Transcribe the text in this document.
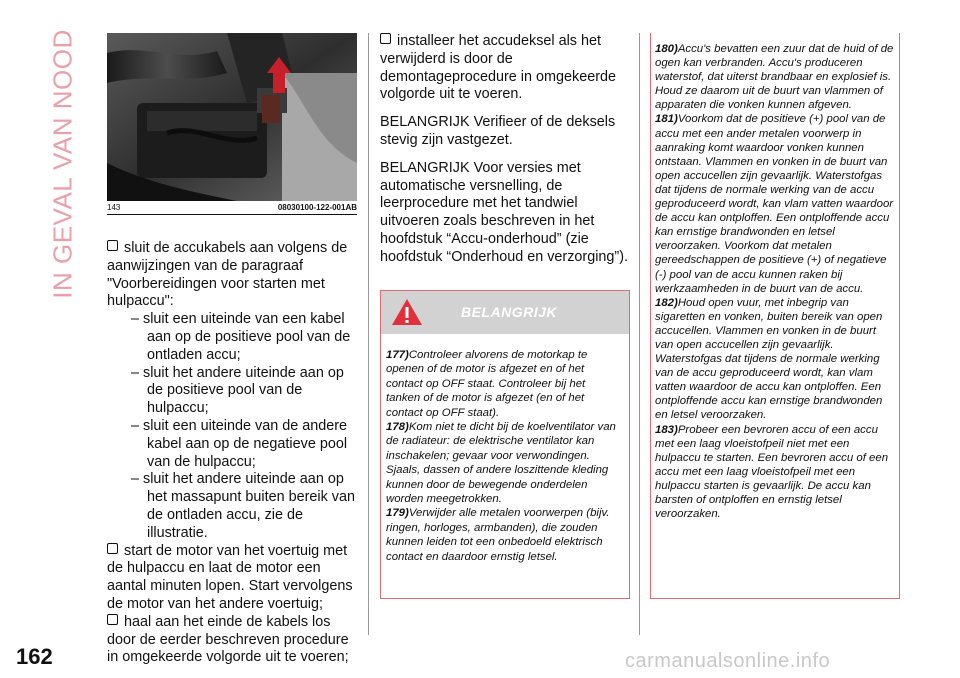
IN GEVAL VAN NOOD	143	08030100-122-001AB

sluit de accukabels aan volgens de aanwijzingen van de paragraaf "Voorbereidingen voor starten met hulpaccu":

– sluit een uiteinde van een kabel aan op de positieve pool van de ontladen accu;

– sluit het andere uiteinde aan op de positieve pool van de hulpaccu;

– sluit een uiteinde van de andere kabel aan op de negatieve pool van de hulpaccu;

– sluit het andere uiteinde aan op het massapunt buiten bereik van de ontladen accu, zie de illustratie.

start de motor van het voertuig met de hulpaccu en laat de motor een aantal minuten lopen. Start vervolgens de motor van het andere voertuig;

haal aan het einde de kabels los door de eerder beschreven procedure in omgekeerde volgorde uit te voeren;

installeer het accudeksel als het verwijderd is door de demontageprocedure in omgekeerde volgorde uit te voeren.

BELANGRIJK Verifieer of de deksels stevig zijn vastgezet.

BELANGRIJK Voor versies met automatische versnelling, de leerprocedure met het tandwiel uitvoeren zoals beschreven in het hoofdstuk “Accu-onderhoud” (zie hoofdstuk “Onderhoud en verzorging”).

BELANGRIJK

177)Controleer alvorens de motorkap te openen of de motor is afgezet en of het contact op OFF staat. Controleer bij het tanken of de motor is afgezet (en of het contact op OFF staat).

178)Kom niet te dicht bij de koelventilator van de radiateur: de elektrische ventilator kan inschakelen; gevaar voor verwondingen. Sjaals, dassen of andere loszittende kleding kunnen door de bewegende onderdelen worden meegetrokken.

179)Verwijder alle metalen voorwerpen (bijv. ringen, horloges, armbanden), die zouden kunnen leiden tot een onbedoeld elektrisch contact en daardoor ernstig letsel.

180)Accu's bevatten een zuur dat de huid of de ogen kan verbranden. Accu's produceren waterstof, dat uiterst brandbaar en explosief is. Houd ze daarom uit de buurt van vlammen of apparaten die vonken kunnen afgeven.

181)Voorkom dat de positieve (+) pool van de accu met een ander metalen voorwerp in aanraking komt waardoor vonken kunnen ontstaan. Vlammen en vonken in de buurt van open accucellen zijn gevaarlijk. Waterstofgas dat tijdens de normale werking van de accu geproduceerd wordt, kan vlam vatten waardoor de accu kan ontploffen. Een ontploffende accu kan ernstige brandwonden en letsel veroorzaken. Voorkom dat metalen gereedschappen de positieve (+) of negatieve (-) pool van de accu kunnen raken bij werkzaamheden in de buurt van de accu.

182)Houd open vuur, met inbegrip van sigaretten en vonken, buiten bereik van open accucellen. Vlammen en vonken in de buurt van open accucellen zijn gevaarlijk. Waterstofgas dat tijdens de normale werking van de accu geproduceerd wordt, kan vlam vatten waardoor de accu kan ontploffen. Een ontploffende accu kan ernstige brandwonden en letsel veroorzaken.

183)Probeer een bevroren accu of een accu met een laag vloeistofpeil niet met een hulpaccu te starten. Een bevroren accu of een accu met een laag vloeistofpeil met een hulpaccu starten is gevaarlijk. De accu kan barsten of ontploffen en ernstig letsel veroorzaken.

162	carmanualsonline.info
